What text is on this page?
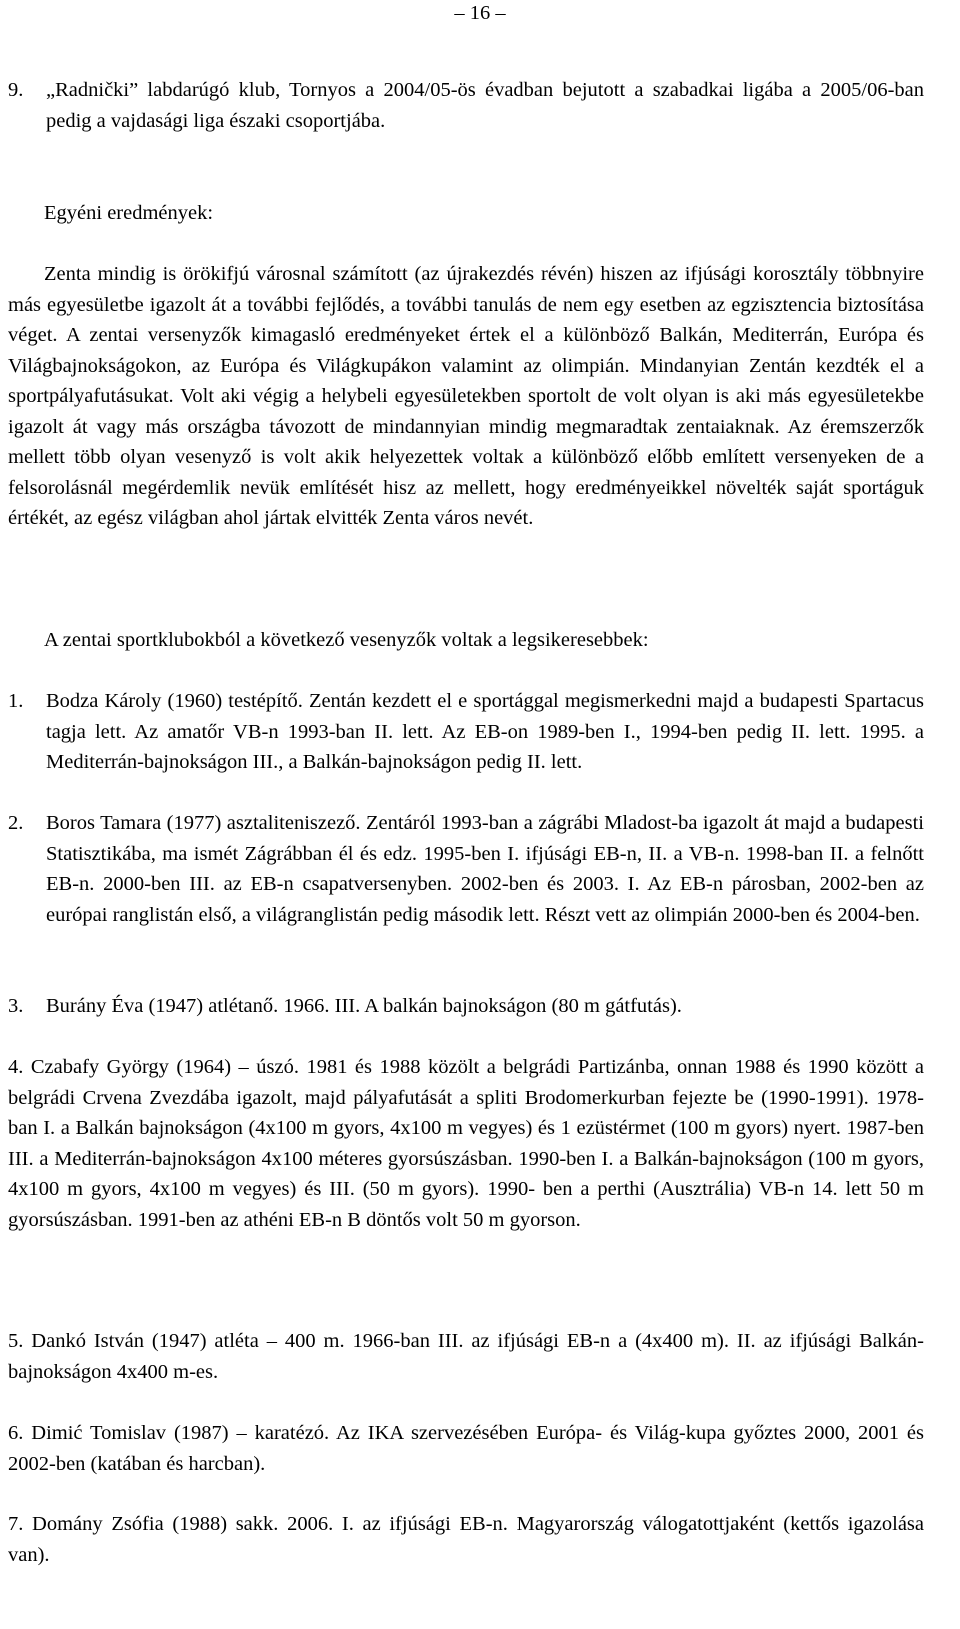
– 16 –
9.	„Radnički” labdarúgó klub, Tornyos a 2004/05-ös évadban bejutott a szabadkai ligába a 2005/06-ban pedig a vajdasági liga északi csoportjába.

Egyéni eredmények:

Zenta mindig is örökifjú városnal számított (az újrakezdés révén) hiszen az ifjúsági korosztály többnyire más egyesületbe igazolt át a további fejlődés, a további tanulás de nem egy esetben az egzisztencia biztosítása véget. A zentai versenyzők kimagasló eredményeket értek el a különböző Balkán, Mediterrán, Európa és Világbajnokságokon, az Európa és Világkupákon valamint az olimpián. Mindanyian Zentán kezdték el a sportpályafutásukat. Volt aki végig a helybeli egyesületekben sportolt de volt olyan is aki más egyesületekbe igazolt át vagy más országba távozott de mindannyian mindig megmaradtak zentaiaknak. Az éremszerzők mellett több olyan vesenyző is volt akik helyezettek voltak a különböző előbb említett versenyeken de a felsorolásnál megérdemlik nevük említését hisz az mellett, hogy eredményeikkel növelték saját sportáguk értékét, az egész világban ahol jártak elvitték Zenta város nevét.

A zentai sportklubokból a következő vesenyzők voltak a legsikeresebbek:

1.	Bodza Károly (1960) testépítő. Zentán kezdett el e sportággal megismerkedni majd a budapesti Spartacus tagja lett. Az amatőr VB-n 1993-ban II. lett. Az EB-on 1989-ben I., 1994-ben pedig II. lett. 1995. a Mediterrán-bajnokságon III., a Balkán-bajnokságon pedig II. lett.
2.	Boros Tamara (1977) asztaliteniszező. Zentáról 1993-ban a zágrábi Mladost-ba igazolt át majd a budapesti Statisztikába, ma ismét Zágrábban él és edz. 1995-ben I. ifjúsági EB-n, II. a VB-n. 1998-ban II. a felnőtt EB-n. 2000-ben III. az EB-n csapatversenyben. 2002-ben és 2003. I. Az EB-n párosban, 2002-ben az európai ranglistán első, a világranglistán pedig második lett. Részt vett az olimpián 2000-ben és 2004-ben.
3.	Burány Éva (1947) atlétanő. 1966. III. A balkán bajnokságon (80 m gátfutás).

4. Czabafy György (1964) – úszó. 1981 és 1988 közölt a belgrádi Partizánba, onnan 1988 és 1990 között a belgrádi Crvena Zvezdába igazolt, majd pályafutását a spliti Brodomerkurban fejezte be (1990-1991). 1978-ban I. a Balkán bajnokságon (4x100 m gyors, 4x100 m vegyes) és 1 ezüstérmet (100 m gyors) nyert. 1987-ben III. a Mediterrán-bajnokságon 4x100 méteres gyorsúszásban. 1990-ben I. a Balkán-bajnokságon (100 m gyors, 4x100 m gyors, 4x100 m vegyes) és III. (50 m gyors). 1990- ben a perthi (Ausztrália) VB-n 14. lett 50 m gyorsúszásban. 1991-ben az athéni EB-n B döntős volt 50 m gyorson.

5. Dankó István (1947) atléta – 400 m. 1966-ban III. az ifjúsági EB-n a (4x400 m). II. az ifjúsági Balkán-bajnokságon 4x400 m-es.

6. Dimić Tomislav (1987) – karatézó. Az IKA szervezésében Európa- és Világ-kupa győztes 2000, 2001 és 2002-ben (katában és harcban).

7. Domány Zsófia (1988) sakk. 2006. I. az ifjúsági EB-n. Magyarország válogatottjaként (kettős igazolása van).
